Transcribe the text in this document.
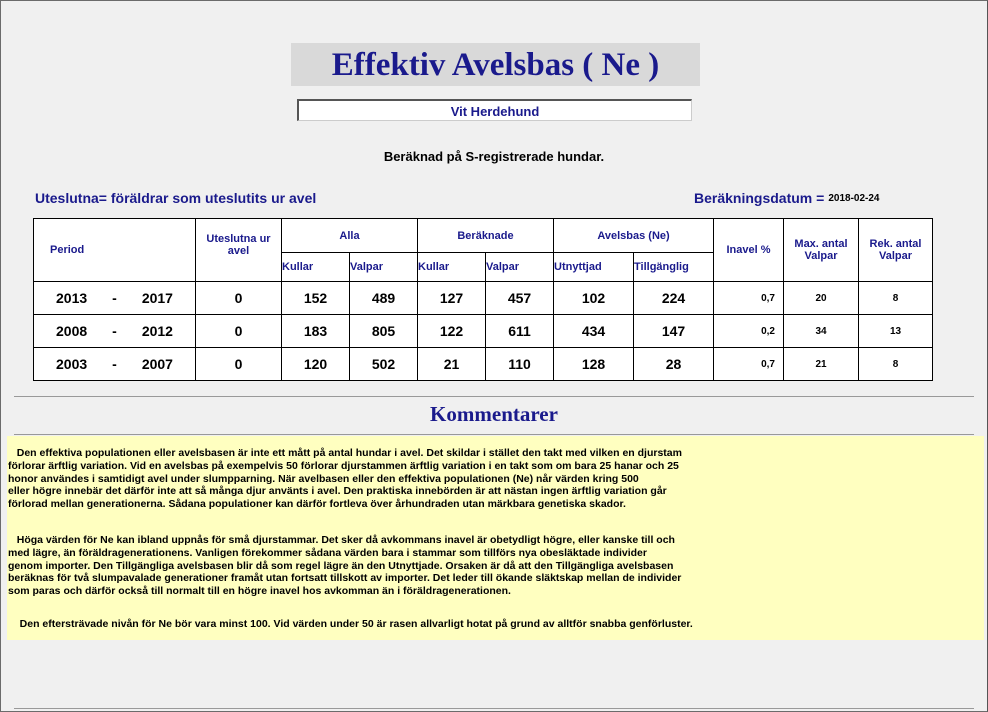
Effektiv Avelsbas ( Ne )
Vit Herdehund
Beräknad på S-registrerade hundar.
Uteslutna= föräldrar som uteslutits ur avel	Beräkningsdatum = 2018-02-24
Period	Uteslutna ur avel	Alla		Beräknade		Avelsbas (Ne)		Inavel %	Max. antal Valpar	Rek. antal Valpar
		Kullar	Valpar	Kullar	Valpar	Utnyttjad	Tillgänglig			

2013 - 2017	0	152	489	127	457	102	224	0,7	20	8

2008 - 2012	0	183	805	122	611	434	147	0,2	34	13

2003 - 2007	0	120	502	21	110	128	28	0,7	21	8
Kommentarer
Den effektiva populationen eller avelsbasen är inte ett mått på antal hundar i avel. Det skildar i stället den takt med vilken en djurstam
förlorar ärftlig variation. Vid en avelsbas på exempelvis 50 förlorar djurstammen ärftlig variation i en takt som om bara 25 hanar och 25
honor användes i samtidigt avel under slumpparning. När avelbasen eller den effektiva populationen (Ne) når värden kring 500
eller högre innebär det därför inte att så många djur använts i avel. Den praktiska innebörden är att nästan ingen ärftlig variation går
förlorad mellan generationerna. Sådana populationer kan därför fortleva över århundraden utan märkbara genetiska skador.
Höga värden för Ne kan ibland uppnås för små djurstammar. Det sker då avkommans inavel är obetydligt högre, eller kanske till och
med lägre, än föräldragenerationens. Vanligen förekommer sådana värden bara i stammar som tillförs nya obesläktade individer
genom importer. Den Tillgängliga avelsbasen blir då som regel lägre än den Utnyttjade. Orsaken är då att den Tillgängliga avelsbasen
beräknas för två slumpavalade generationer framåt utan fortsatt tillskott av importer. Det leder till ökande släktskap mellan de individer
som paras och därför också till normalt till en högre inavel hos avkomman än i föräldragenerationen.
Den eftersträvade nivån för Ne bör vara minst 100. Vid värden under 50 är rasen allvarligt hotat på grund av alltför snabba genförluster.
